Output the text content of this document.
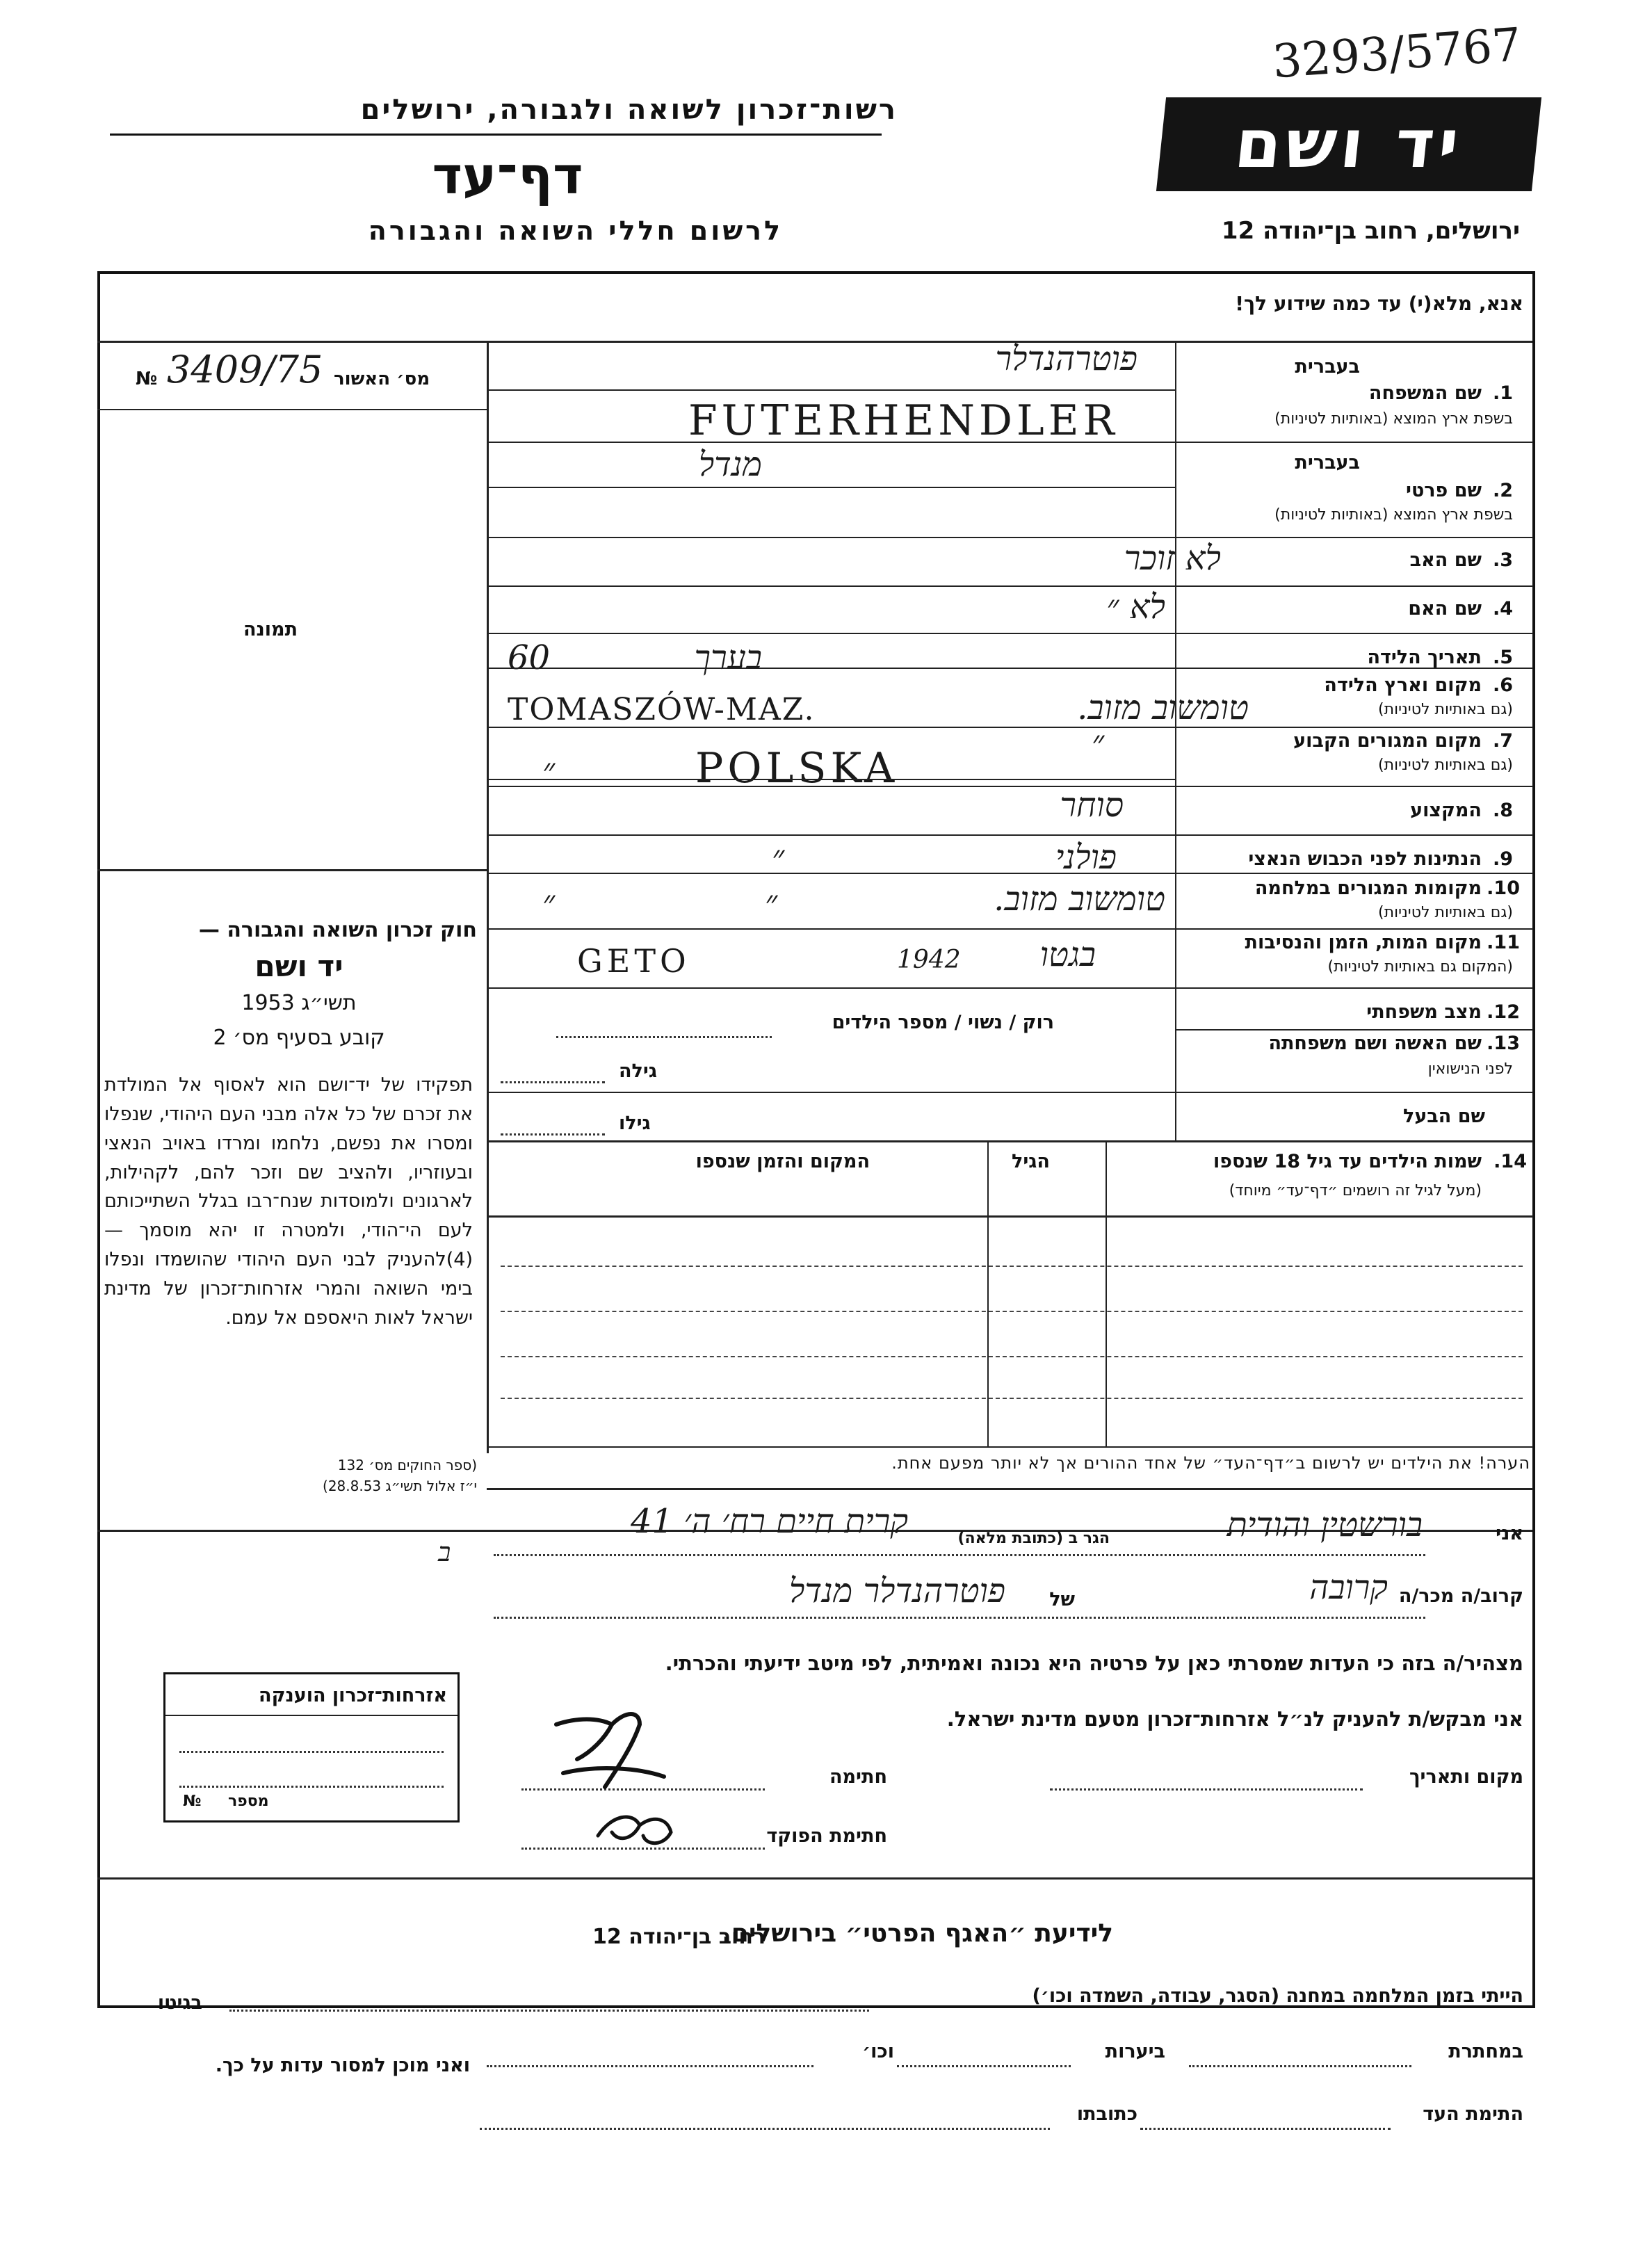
3293/5767
רשות־זכרון לשואה ולגבורה, ירושלים
דף־עד
לרשום חללי השואה והגבורה
יד ושם
ירושלים, רחוב בן־יהודה 12
אנא, מלא(י) עד כמה שידוע לך!
מס׳ האשור
№ 3409/75
תמונה
1.
שם המשפחה
בשפת ארץ המוצא (באותיות לטיניות)
בעברית
פוטרהנדלר
FUTERHENDLER
בעברית
2.
שם פרטי
בשפת ארץ המוצא (באותיות לטיניות)
מנדל
3.
שם האב
לא זוכר
4.
שם האם
לא ״
5.
תאריך הלידה
בערך
60
6.
מקום וארץ הלידה
(גם באותיות לטיניות)
טומשוב מזוב.
TOMASZÓW-MAZ.
7.
מקום המגורים הקבוע
(גם באותיות לטיניות)
״
POLSKA
״
8.
המקצוע
סוחר
9.
הנתינות לפני הכבוש הנאצי
פולני
״
10.
מקומות המגורים במלחמה
(גם באותיות לטיניות)
טומשוב מזוב.
״
״
11.
מקום המות, הזמן והנסיבות
(המקום גם באותיות לטיניות)
בגטו
GETO	1942
12.
מצב משפחתי
רוק / נשוי / מספר הילדים
13.
שם האשה ושם משפחתה
לפני הנישואין
גילה
שם הבעל
גילו
14.
שמות הילדים עד גיל 18 שנספו
(מעל לגיל זה רושמים ״דף־עד״ מיוחד)
הגיל
המקום והזמן שנספו
הערה! את הילדים יש לרשום ב״דף־העד״ של אחד ההורים אך לא יותר מפעם אחת.
חוק זכרון השואה והגבורה —
יד ושם
תשי״ג 1953
קובע בסעיף מס׳ 2
תפקידו של יד־ושם הוא לאסוף אל המולדת את זכרם של כל אלה מבני העם היהודי, שנפלו ומסרו את נפשם, נלחמו ומרדו באויב הנאצי ובעוזריו, ולהציב שם וזכר להם, לקהילות, לארגונים ולמוסדות שנח־רבו בגלל השתייכותם לעם הי־הודי, ולמטרה זו יהא מוסמך — (4)להעניק לבני העם היהודי שהושמדו ונפלו בימי השואה והמרי אזרחות־זכרון של מדינת ישראל לאות היאספם אל עמם.
(ספר החוקים מס׳ 132
י״ז אלול תשי״ג 28.8.53)
אני
בורשטין והודית
הגר ב (כתובת מלאה)
קרית חיים רח׳ ה׳ 41
ב
קרוב/ה מכר/ה
קרובה
של
פוטרהנדלר מנדל
מצהיר/ה בזה כי העדות שמסרתי כאן על פרטיה היא נכונה ואמיתית, לפי מיטב ידיעתי והכרתי.
אני מבקש/ת להעניק לנ״ל אזרחות־זכרון מטעם מדינת ישראל.
מקום ותאריך
חתימה
חתימת הפוקד
אזרחות־זכרון הוענקה
№ מספר
לידיעת ״האגף הפרטי״ בירושלים.
רחוב בן־יהודה 12
הייתי בזמן המלחמה במחנה (הסגר, עבודה, השמדה וכו׳)
בגיטו
במחתרת
ביערות
וכו׳
ואני מוכן למסור עדות על כך.
התימת העד
כתובתו
